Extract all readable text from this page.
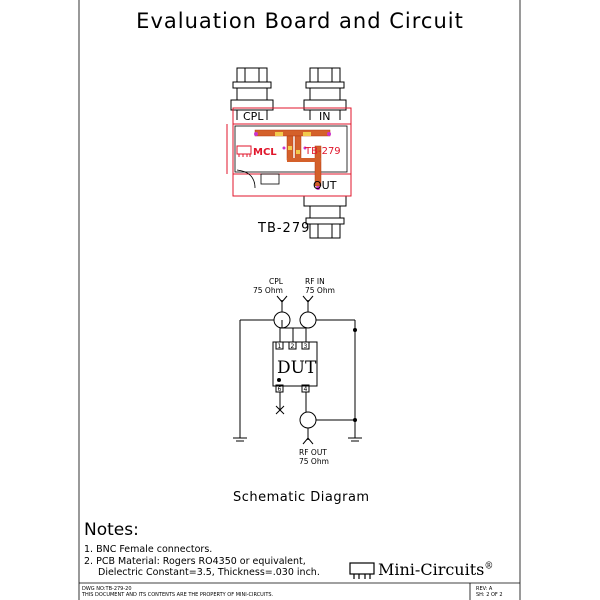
Evaluation Board and Circuit
CPL	IN
OUT
MCL	TB-279
TB-279
CPL
75 Ohm
RF IN
75 Ohm
DUT
1 2 3
6	4
RF OUT
75 Ohm
Schematic Diagram
Notes:
1. BNC Female connectors.
2. PCB Material: Rogers RO4350 or equivalent,
Dielectric Constant=3.5, Thickness=.030 inch.	Mini-Circuits®
DWG NO:TB-279-20
THIS DOCUMENT AND ITS CONTENTS ARE THE PROPERTY OF MINI-CIRCUITS.
REV: A
SH: 2 OF 2
